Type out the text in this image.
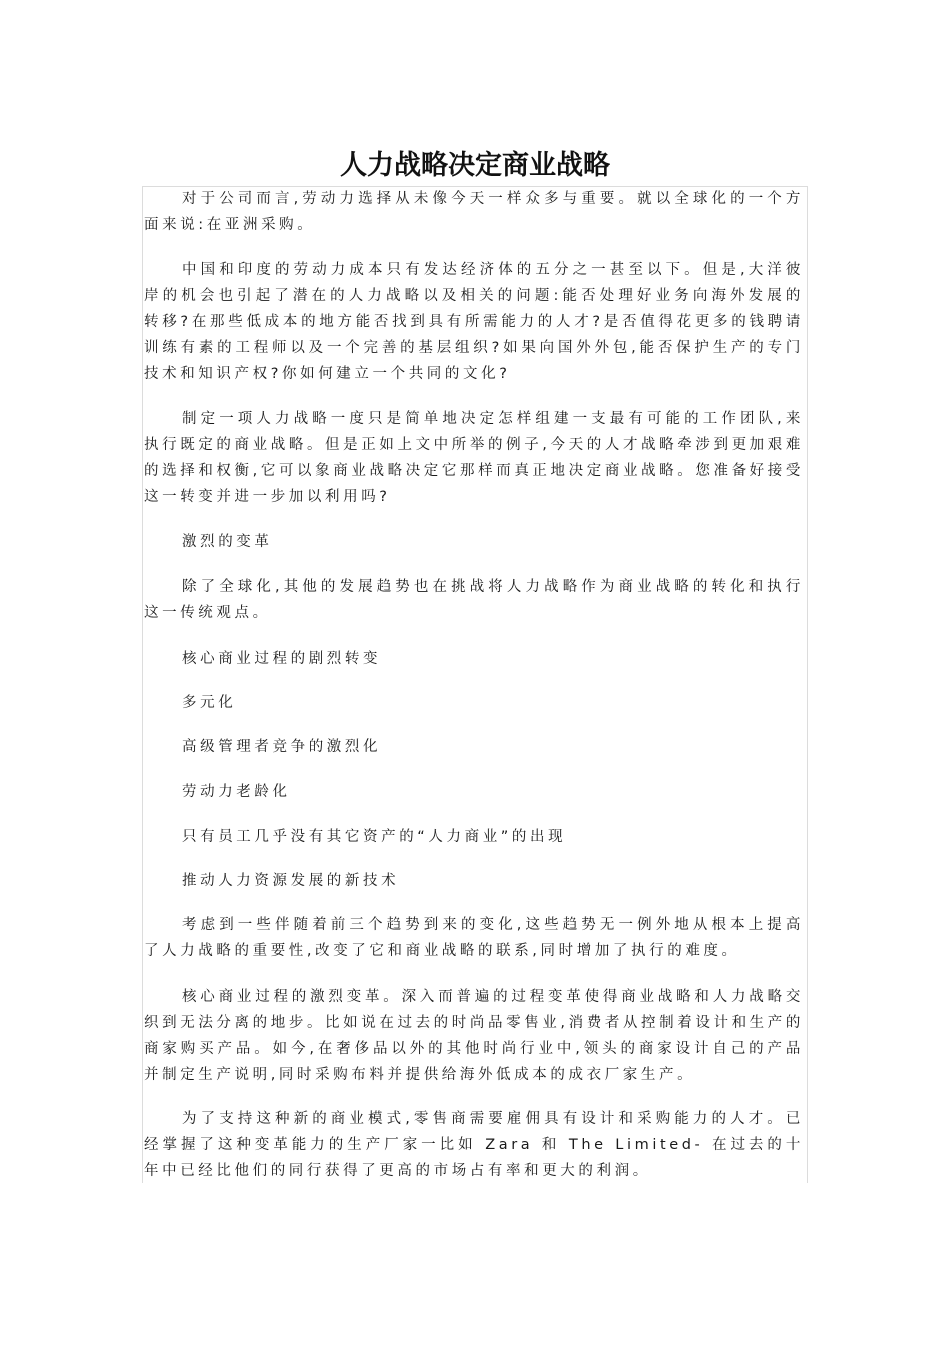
人力战略决定商业战略

对于公司而言,劳动力选择从未像今天一样众多与重要。就以全球化的一个方面来说:在亚洲采购。

中国和印度的劳动力成本只有发达经济体的五分之一甚至以下。但是,大洋彼岸的机会也引起了潜在的人力战略以及相关的问题:能否处理好业务向海外发展的转移?在那些低成本的地方能否找到具有所需能力的人才?是否值得花更多的钱聘请训练有素的工程师以及一个完善的基层组织?如果向国外外包,能否保护生产的专门技术和知识产权?你如何建立一个共同的文化?

制定一项人力战略一度只是简单地决定怎样组建一支最有可能的工作团队,来执行既定的商业战略。但是正如上文中所举的例子,今天的人才战略牵涉到更加艰难的选择和权衡,它可以象商业战略决定它那样而真正地决定商业战略。您准备好接受这一转变并进一步加以利用吗?

激烈的变革

除了全球化,其他的发展趋势也在挑战将人力战略作为商业战略的转化和执行这一传统观点。

核心商业过程的剧烈转变

多元化

高级管理者竞争的激烈化

劳动力老龄化

只有员工几乎没有其它资产的“人力商业”的出现

推动人力资源发展的新技术

考虑到一些伴随着前三个趋势到来的变化,这些趋势无一例外地从根本上提高了人力战略的重要性,改变了它和商业战略的联系,同时增加了执行的难度。

核心商业过程的激烈变革。深入而普遍的过程变革使得商业战略和人力战略交织到无法分离的地步。比如说在过去的时尚品零售业,消费者从控制着设计和生产的商家购买产品。如今,在奢侈品以外的其他时尚行业中,领头的商家设计自己的产品并制定生产说明,同时采购布料并提供给海外低成本的成衣厂家生产。

为了支持这种新的商业模式,零售商需要雇佣具有设计和采购能力的人才。已经掌握了这种变革能力的生产厂家一比如 Zara 和 The Limited- 在过去的十年中已经比他们的同行获得了更高的市场占有率和更大的利润。
